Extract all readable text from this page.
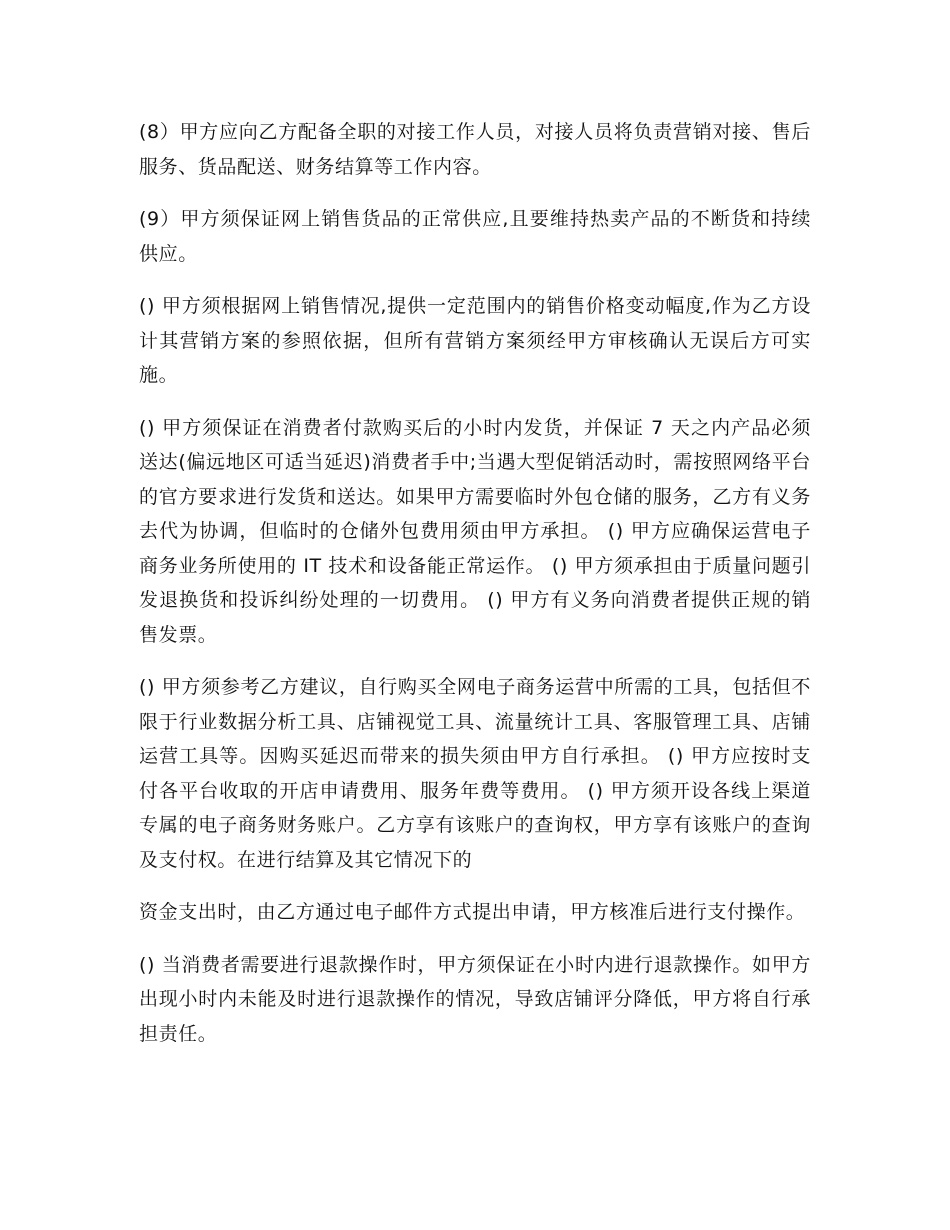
(8）甲方应向乙方配备全职的对接工作人员，对接人员将负责营销对接、售后服务、货品配送、财务结算等工作内容。

(9）甲方须保证网上销售货品的正常供应,且要维持热卖产品的不断货和持续供应。

() 甲方须根据网上销售情况,提供一定范围内的销售价格变动幅度,作为乙方设计其营销方案的参照依据，但所有营销方案须经甲方审核确认无误后方可实施。

() 甲方须保证在消费者付款购买后的小时内发货，并保证 7 天之内产品必须送达(偏远地区可适当延迟)消费者手中;当遇大型促销活动时，需按照网络平台的官方要求进行发货和送达。如果甲方需要临时外包仓储的服务，乙方有义务去代为协调，但临时的仓储外包费用须由甲方承担。 () 甲方应确保运营电子商务业务所使用的 IT 技术和设备能正常运作。 () 甲方须承担由于质量问题引发退换货和投诉纠纷处理的一切费用。 () 甲方有义务向消费者提供正规的销售发票。

() 甲方须参考乙方建议，自行购买全网电子商务运营中所需的工具，包括但不限于行业数据分析工具、店铺视觉工具、流量统计工具、客服管理工具、店铺运营工具等。因购买延迟而带来的损失须由甲方自行承担。 () 甲方应按时支付各平台收取的开店申请费用、服务年费等费用。 () 甲方须开设各线上渠道专属的电子商务财务账户。乙方享有该账户的查询权，甲方享有该账户的查询及支付权。在进行结算及其它情况下的

资金支出时，由乙方通过电子邮件方式提出申请，甲方核准后进行支付操作。

() 当消费者需要进行退款操作时，甲方须保证在小时内进行退款操作。如甲方出现小时内未能及时进行退款操作的情况，导致店铺评分降低，甲方将自行承担责任。
